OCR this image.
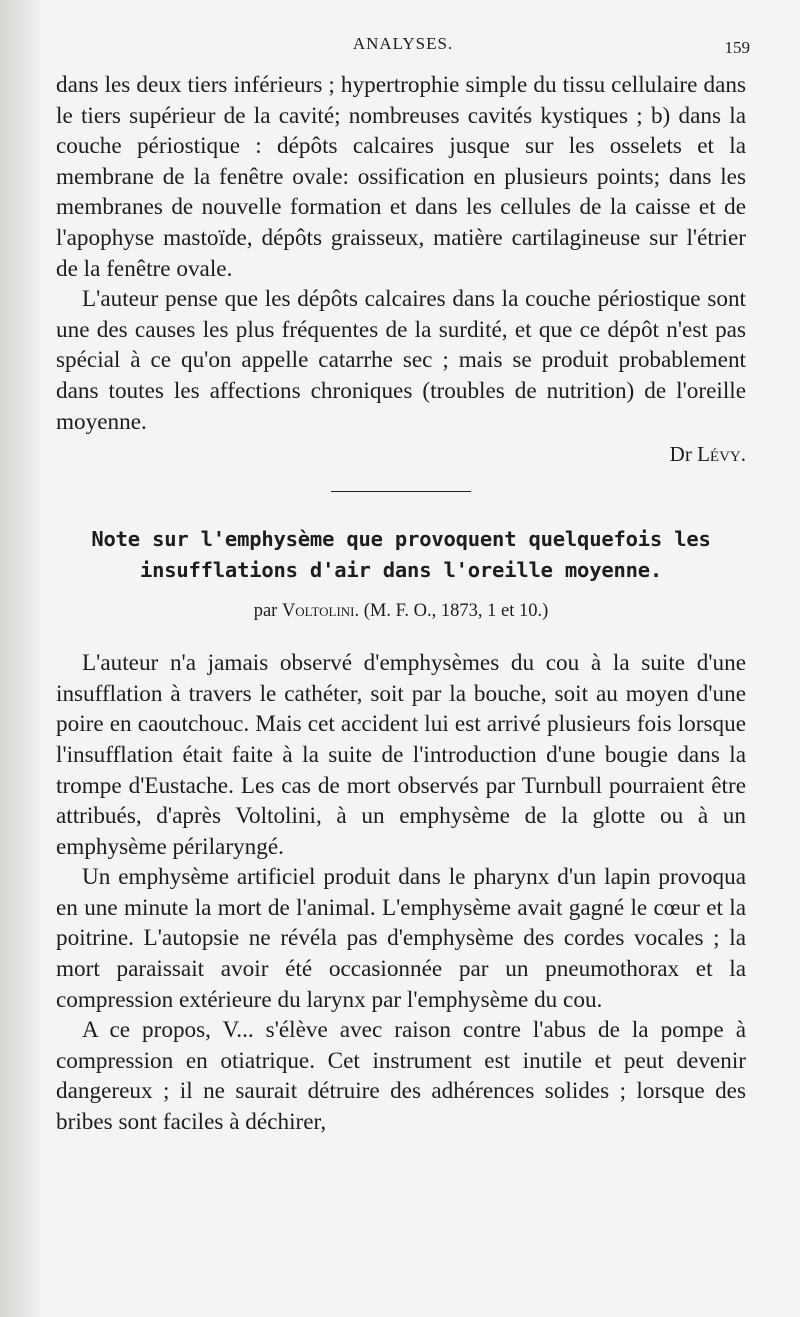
ANALYSES.	159

dans les deux tiers inférieurs ; hypertrophie simple du tissu cellulaire dans le tiers supérieur de la cavité; nombreuses cavités kystiques ; b) dans la couche périostique : dépôts calcaires jusque sur les osselets et la membrane de la fenêtre ovale: ossification en plusieurs points; dans les membranes de nouvelle formation et dans les cellules de la caisse et de l'apophyse mastoïde, dépôts graisseux, matière cartilagineuse sur l'étrier de la fenêtre ovale.

L'auteur pense que les dépôts calcaires dans la couche périostique sont une des causes les plus fréquentes de la surdité, et que ce dépôt n'est pas spécial à ce qu'on appelle catarrhe sec ; mais se produit probablement dans toutes les affections chroniques (troubles de nutrition) de l'oreille moyenne.

Dr Lévy.
Note sur l'emphysème que provoquent quelquefois les insufflations d'air dans l'oreille moyenne.
par Voltolini. (M. F. O., 1873, 1 et 10.)

L'auteur n'a jamais observé d'emphysèmes du cou à la suite d'une insufflation à travers le cathéter, soit par la bouche, soit au moyen d'une poire en caoutchouc. Mais cet accident lui est arrivé plusieurs fois lorsque l'insufflation était faite à la suite de l'introduction d'une bougie dans la trompe d'Eustache. Les cas de mort observés par Turnbull pourraient être attribués, d'après Voltolini, à un emphysème de la glotte ou à un emphysème périlaryngé.

Un emphysème artificiel produit dans le pharynx d'un lapin provoqua en une minute la mort de l'animal. L'emphysème avait gagné le cœur et la poitrine. L'autopsie ne révéla pas d'emphysème des cordes vocales ; la mort paraissait avoir été occasionnée par un pneumothorax et la compression extérieure du larynx par l'emphysème du cou.

A ce propos, V... s'élève avec raison contre l'abus de la pompe à compression en otiatrique. Cet instrument est inutile et peut devenir dangereux ; il ne saurait détruire des adhérences solides ; lorsque des bribes sont faciles à déchirer,
